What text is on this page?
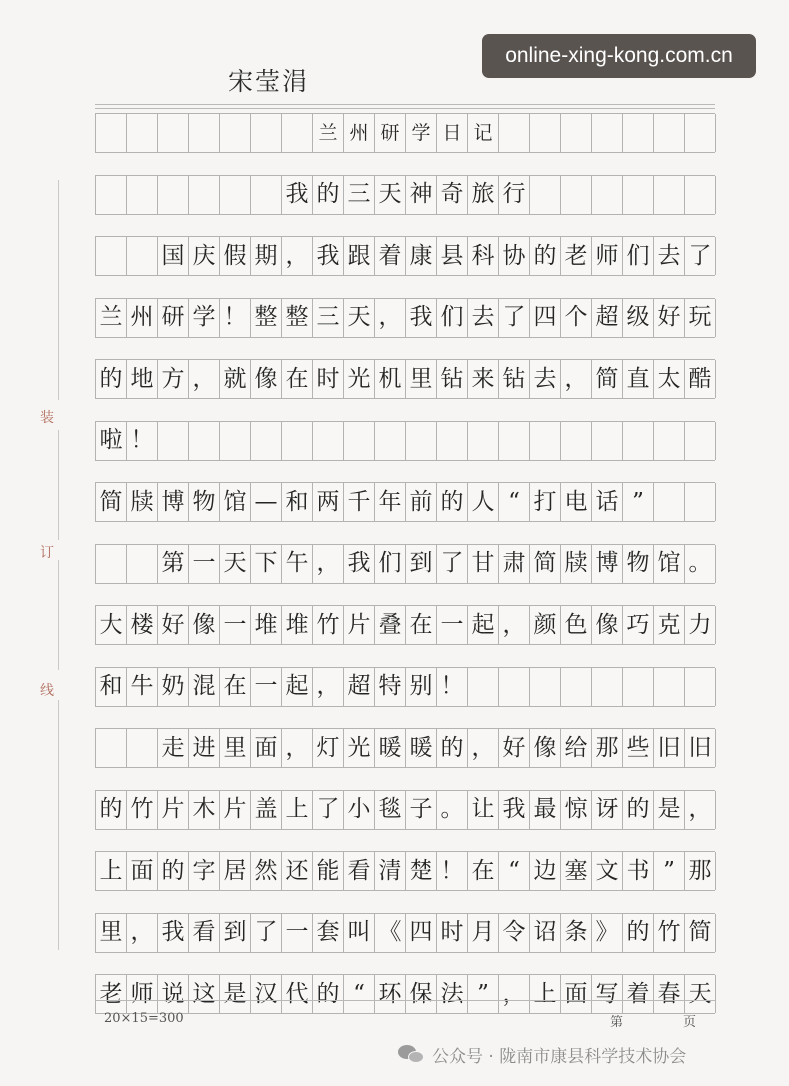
online-xing-kong.com.cn
宋莹涓
装
订
线
兰 州 研 学 日 记
我 的 三 天 神 奇 旅 行
国 庆 假 期 ， 我 跟 着 康 县 科 协 的 老 师 们 去 了
兰 州 研 学 ！ 整 整 三 天 ， 我 们 去 了 四 个 超 级 好 玩
的 地 方 ， 就 像 在 时 光 机 里 钻 来 钻 去 ， 简 直 太 酷
啦 ！
简 牍 博 物 馆 — 和 两 千 年 前 的 人 “ 打 电 话 ”
第 一 天 下 午 ， 我 们 到 了 甘 肃 简 牍 博 物 馆 。
大 楼 好 像 一 堆 堆 竹 片 叠 在 一 起 ， 颜 色 像 巧 克 力
和 牛 奶 混 在 一 起 ， 超 特 别 ！
走 进 里 面 ， 灯 光 暖 暖 的 ， 好 像 给 那 些 旧 旧
的 竹 片 木 片 盖 上 了 小 毯 子 。 让 我 最 惊 讶 的 是 ，
上 面 的 字 居 然 还 能 看 清 楚 ！ 在 “ 边 塞 文 书 ” 那
里 ， 我 看 到 了 一 套 叫 《 四 时 月 令 诏 条 》 的 竹 简
老 师 说 这 是 汉 代 的 “ 环 保 法 ” ， 上 面 写 着 春 天
20×15=300	第	页
公众号 · 陇南市康县科学技术协会
